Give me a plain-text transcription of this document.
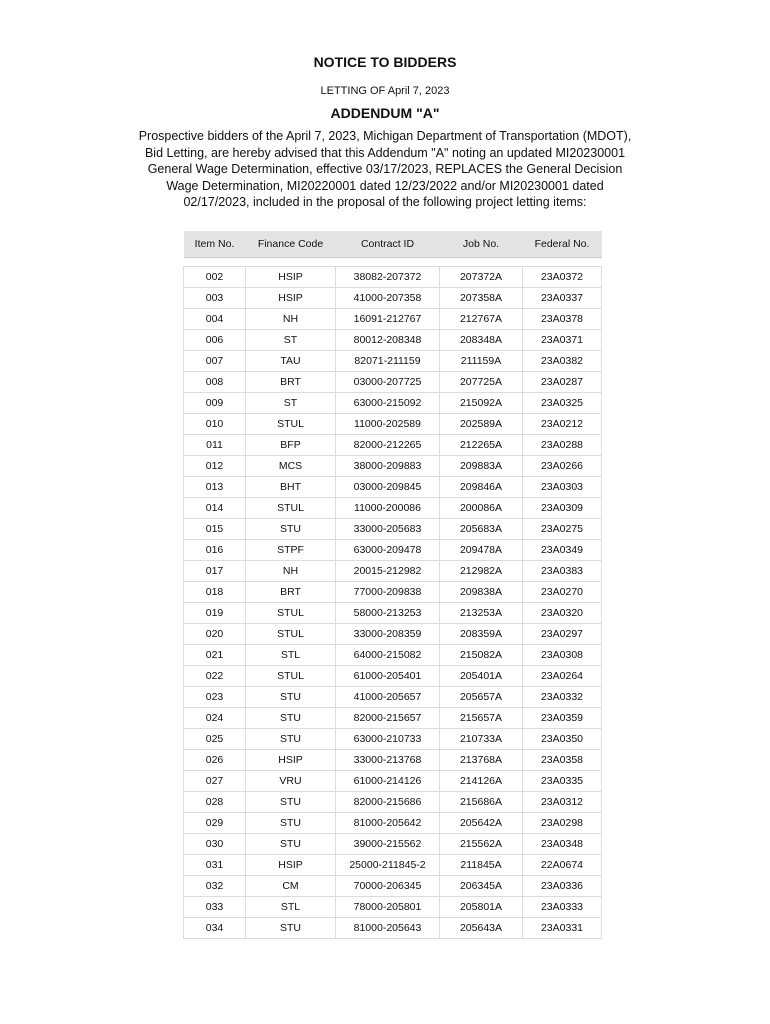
NOTICE TO BIDDERS
LETTING OF April 7, 2023
ADDENDUM "A"
Prospective bidders of the April 7, 2023, Michigan Department of Transportation (MDOT), Bid Letting, are hereby advised that this Addendum "A" noting an updated MI20230001 General Wage Determination, effective 03/17/2023, REPLACES the General Decision Wage Determination, MI20220001 dated 12/23/2022 and/or MI20230001 dated 02/17/2023, included in the proposal of the following project letting items:
Item No.	Finance Code	Contract ID	Job No.	Federal No.

002	HSIP	38082-207372	207372A	23A0372
003	HSIP	41000-207358	207358A	23A0337
004	NH	16091-212767	212767A	23A0378
006	ST	80012-208348	208348A	23A0371
007	TAU	82071-211159	211159A	23A0382
008	BRT	03000-207725	207725A	23A0287
009	ST	63000-215092	215092A	23A0325
010	STUL	11000-202589	202589A	23A0212
011	BFP	82000-212265	212265A	23A0288
012	MCS	38000-209883	209883A	23A0266
013	BHT	03000-209845	209846A	23A0303
014	STUL	11000-200086	200086A	23A0309
015	STU	33000-205683	205683A	23A0275
016	STPF	63000-209478	209478A	23A0349
017	NH	20015-212982	212982A	23A0383
018	BRT	77000-209838	209838A	23A0270
019	STUL	58000-213253	213253A	23A0320
020	STUL	33000-208359	208359A	23A0297
021	STL	64000-215082	215082A	23A0308
022	STUL	61000-205401	205401A	23A0264
023	STU	41000-205657	205657A	23A0332
024	STU	82000-215657	215657A	23A0359
025	STU	63000-210733	210733A	23A0350
026	HSIP	33000-213768	213768A	23A0358
027	VRU	61000-214126	214126A	23A0335
028	STU	82000-215686	215686A	23A0312
029	STU	81000-205642	205642A	23A0298
030	STU	39000-215562	215562A	23A0348
031	HSIP	25000-211845-2	211845A	22A0674
032	CM	70000-206345	206345A	23A0336
033	STL	78000-205801	205801A	23A0333
034	STU	81000-205643	205643A	23A0331
